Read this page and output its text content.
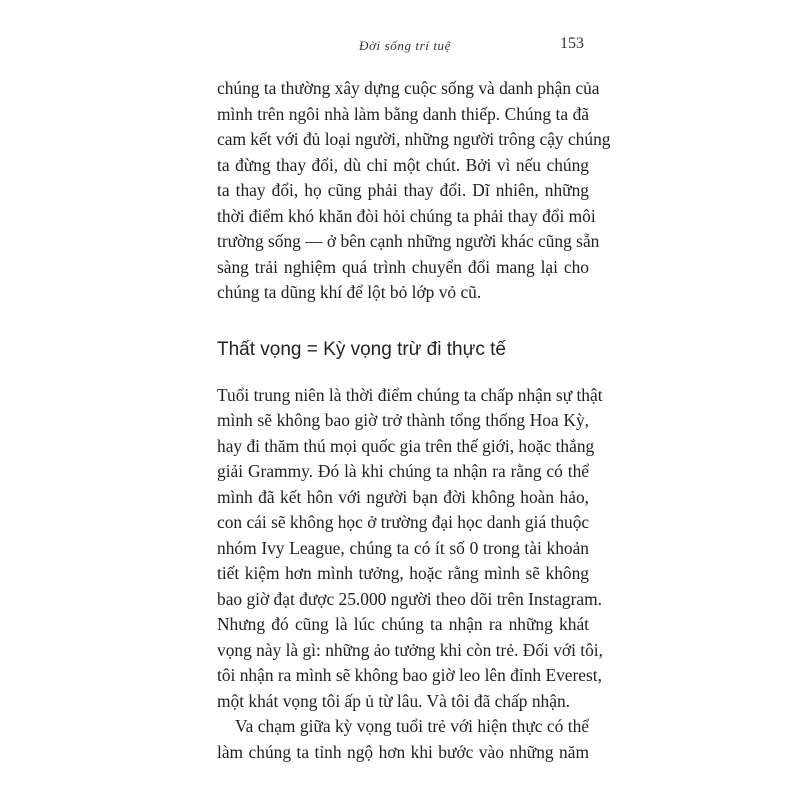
Đời sống trí tuệ	153
chúng ta thường xây dựng cuộc sống và danh phận của
mình trên ngôi nhà làm bằng danh thiếp. Chúng ta đã
cam kết với đủ loại người, những người trông cậy chúng
ta đừng thay đổi, dù chỉ một chút. Bởi vì nếu chúng
ta thay đổi, họ cũng phải thay đổi. Dĩ nhiên, những
thời điểm khó khăn đòi hỏi chúng ta phải thay đổi môi
trường sống — ở bên cạnh những người khác cũng sẵn
sàng trải nghiệm quá trình chuyển đổi mang lại cho
chúng ta dũng khí để lột bỏ lớp vỏ cũ.
Thất vọng = Kỳ vọng trừ đi thực tế
Tuổi trung niên là thời điểm chúng ta chấp nhận sự thật
mình sẽ không bao giờ trở thành tổng thống Hoa Kỳ,
hay đi thăm thú mọi quốc gia trên thế giới, hoặc thắng
giải Grammy. Đó là khi chúng ta nhận ra rằng có thể
mình đã kết hôn với người bạn đời không hoàn hảo,
con cái sẽ không học ở trường đại học danh giá thuộc
nhóm Ivy League, chúng ta có ít số 0 trong tài khoản
tiết kiệm hơn mình tưởng, hoặc rằng mình sẽ không
bao giờ đạt được 25.000 người theo dõi trên Instagram.
Nhưng đó cũng là lúc chúng ta nhận ra những khát
vọng này là gì: những ảo tưởng khi còn trẻ. Đối với tôi,
tôi nhận ra mình sẽ không bao giờ leo lên đỉnh Everest,
một khát vọng tôi ấp ủ từ lâu. Và tôi đã chấp nhận.
Va chạm giữa kỳ vọng tuổi trẻ với hiện thực có thể
làm chúng ta tỉnh ngộ hơn khi bước vào những năm
